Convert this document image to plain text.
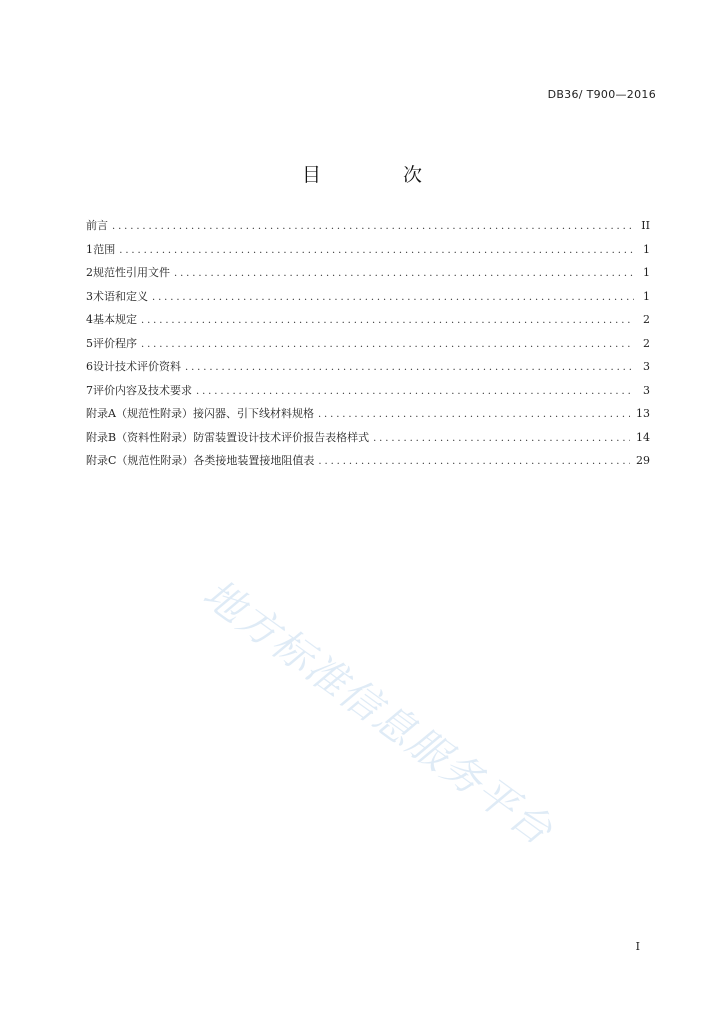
DB36/ T900—2016
目 次
前言 .....	II
1 范围 .....	1
2 规范性引用文件 .....	1
3 术语和定义 .....	1
4 基本规定 .....	2
5 评价程序 .....	2
6 设计技术评价资料 .....	3
7 评价内容及技术要求 .....	3
附录A（规范性附录） 接闪器、引下线材料规格 .....	13
附录B（资料性附录） 防雷装置设计技术评价报告表格样式 .....	14
附录C（规范性附录） 各类接地装置接地阻值表 .....	29
地方标准信息服务平台
I
